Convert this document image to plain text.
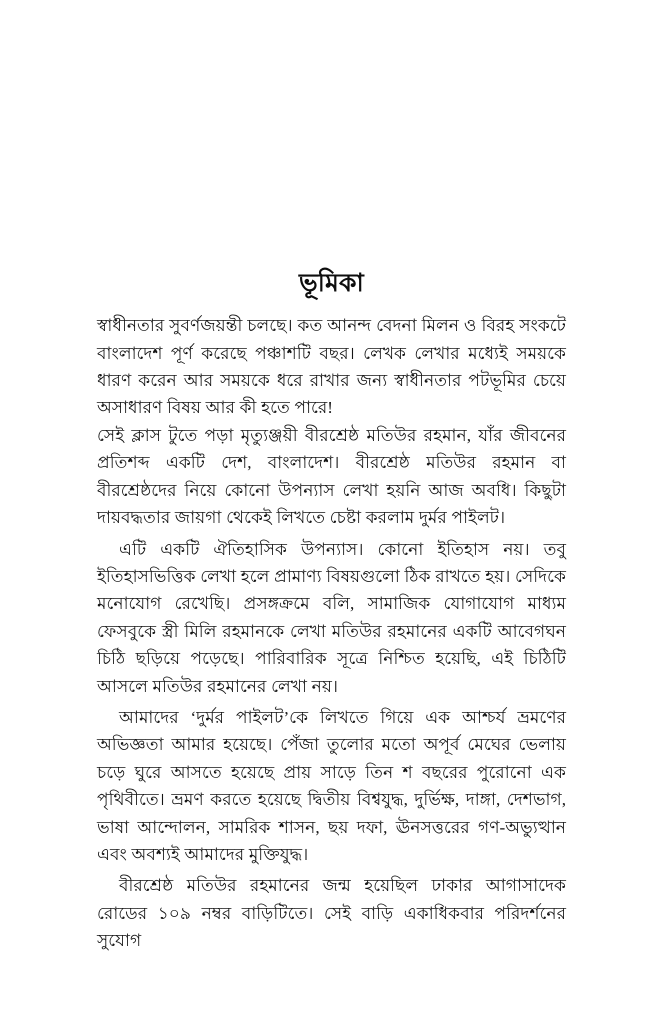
ভূমিকা

স্বাধীনতার সুবর্ণজয়ন্তী চলছে। কত আনন্দ বেদনা মিলন ও বিরহ সংকটে বাংলাদেশ পূর্ণ করেছে পঞ্চাশটি বছর। লেখক লেখার মধ্যেই সময়কে ধারণ করেন আর সময়কে ধরে রাখার জন্য স্বাধীনতার পটভূমির চেয়ে অসাধারণ বিষয় আর কী হতে পারে!

সেই ক্লাস টুতে পড়া মৃত্যুঞ্জয়ী বীরশ্রেষ্ঠ মতিউর রহমান, যাঁর জীবনের প্রতিশব্দ একটি দেশ, বাংলাদেশ। বীরশ্রেষ্ঠ মতিউর রহমান বা বীরশ্রেষ্ঠদের নিয়ে কোনো উপন্যাস লেখা হয়নি আজ অবধি। কিছুটা দায়বদ্ধতার জায়গা থেকেই লিখতে চেষ্টা করলাম দুর্মর পাইলট।

এটি একটি ঐতিহাসিক উপন্যাস। কোনো ইতিহাস নয়। তবু ইতিহাসভিত্তিক লেখা হলে প্রামাণ্য বিষয়গুলো ঠিক রাখতে হয়। সেদিকে মনোযোগ রেখেছি। প্রসঙ্গক্রমে বলি, সামাজিক যোগাযোগ মাধ্যম ফেসবুকে স্ত্রী মিলি রহমানকে লেখা মতিউর রহমানের একটি আবেগঘন চিঠি ছড়িয়ে পড়েছে। পারিবারিক সূত্রে নিশ্চিত হয়েছি, এই চিঠিটি আসলে মতিউর রহমানের লেখা নয়।

আমাদের ‘দুর্মর পাইলট’কে লিখতে গিয়ে এক আশ্চর্য ভ্রমণের অভিজ্ঞতা আমার হয়েছে। পেঁজা তুলোর মতো অপূর্ব মেঘের ভেলায় চড়ে ঘুরে আসতে হয়েছে প্রায় সাড়ে তিন শ বছরের পুরোনো এক পৃথিবীতে। ভ্রমণ করতে হয়েছে দ্বিতীয় বিশ্বযুদ্ধ, দুর্ভিক্ষ, দাঙ্গা, দেশভাগ, ভাষা আন্দোলন, সামরিক শাসন, ছয় দফা, ঊনসত্তরের গণ-অভ্যুত্থান এবং অবশ্যই আমাদের মুক্তিযুদ্ধ।

বীরশ্রেষ্ঠ মতিউর রহমানের জন্ম হয়েছিল ঢাকার আগাসাদেক রোডের ১০৯ নম্বর বাড়িটিতে। সেই বাড়ি একাধিকবার পরিদর্শনের সুযোগ
